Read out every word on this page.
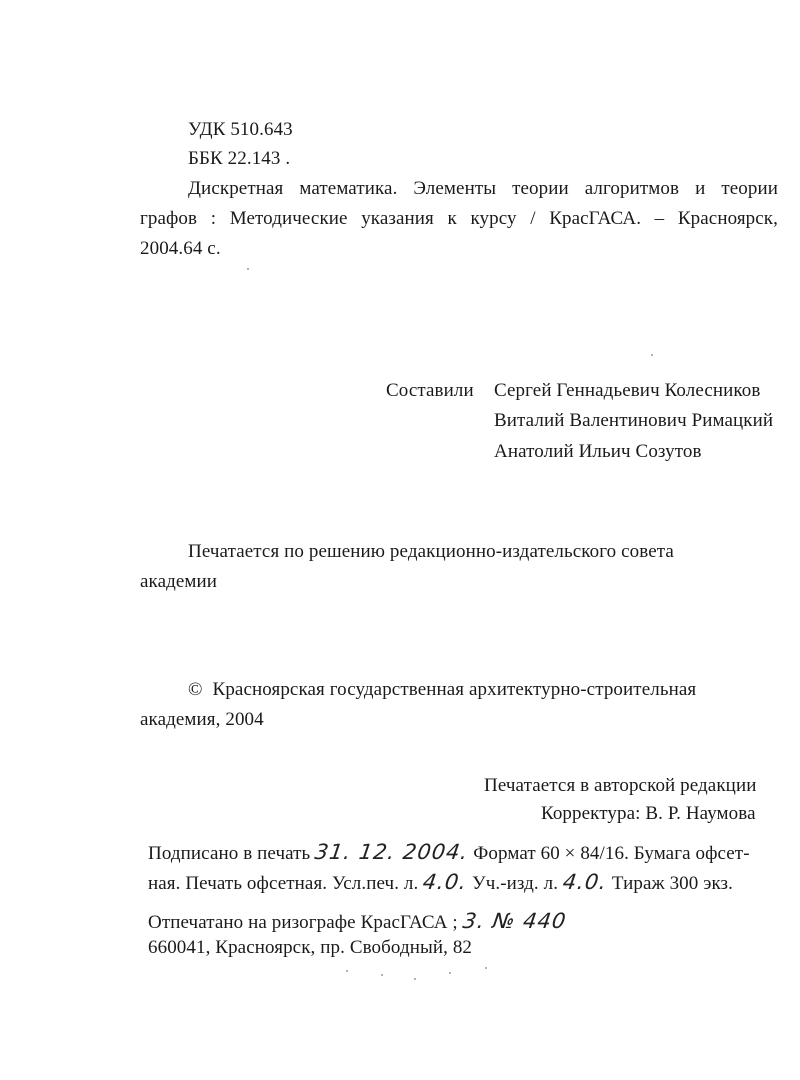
УДК 510.643
ББК 22.143 .
Дискретная математика. Элементы теории алгоритмов и теории
графов : Методические указания к курсу / КрасГАСА. – Красноярск,
2004.64 с.
Составили Сергей Геннадьевич Колесников
Виталий Валентинович Римацкий
Анатолий Ильич Созутов
Печатается по решению редакционно-издательского совета
академии
© Красноярская государственная архитектурно-строительная
академия, 2004
Печатается в авторской редакции
Корректура: В. Р. Наумова
Подписано в печать 31. 12. 2004. Формат 60 × 84/16. Бумага офсет-
ная. Печать офсетная. Усл.печ. л. 4.0. Уч.-изд. л. 4.0. Тираж 300 экз.
Отпечатано на ризографе КрасГАСА ; 3. № 440
660041, Красноярск, пр. Свободный, 82
